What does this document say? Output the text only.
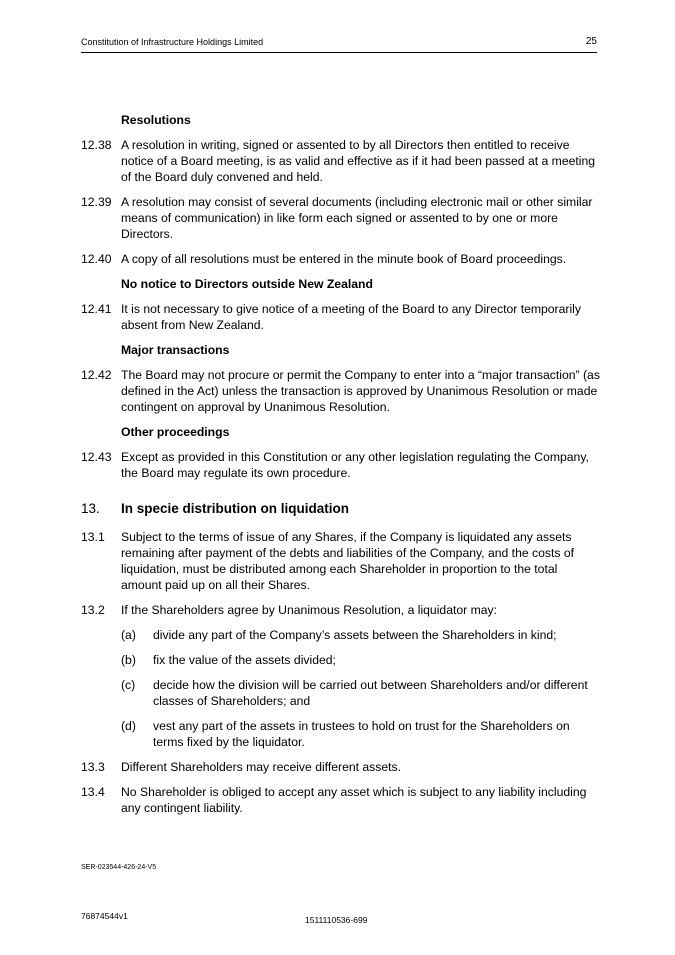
Constitution of Infrastructure Holdings Limited	25
Resolutions
12.38 A resolution in writing, signed or assented to by all Directors then entitled to receive notice of a Board meeting, is as valid and effective as if it had been passed at a meeting of the Board duly convened and held.
12.39 A resolution may consist of several documents (including electronic mail or other similar means of communication) in like form each signed or assented to by one or more Directors.
12.40 A copy of all resolutions must be entered in the minute book of Board proceedings.
No notice to Directors outside New Zealand
12.41 It is not necessary to give notice of a meeting of the Board to any Director temporarily absent from New Zealand.
Major transactions
12.42 The Board may not procure or permit the Company to enter into a “major transaction” (as defined in the Act) unless the transaction is approved by Unanimous Resolution or made contingent on approval by Unanimous Resolution.
Other proceedings
12.43 Except as provided in this Constitution or any other legislation regulating the Company, the Board may regulate its own procedure.
13. In specie distribution on liquidation
13.1 Subject to the terms of issue of any Shares, if the Company is liquidated any assets remaining after payment of the debts and liabilities of the Company, and the costs of liquidation, must be distributed among each Shareholder in proportion to the total amount paid up on all their Shares.
13.2 If the Shareholders agree by Unanimous Resolution, a liquidator may:
(a) divide any part of the Company’s assets between the Shareholders in kind;
(b) fix the value of the assets divided;
(c) decide how the division will be carried out between Shareholders and/or different classes of Shareholders; and
(d) vest any part of the assets in trustees to hold on trust for the Shareholders on terms fixed by the liquidator.
13.3 Different Shareholders may receive different assets.
13.4 No Shareholder is obliged to accept any asset which is subject to any liability including any contingent liability.
SER-023544-426-24-V5
76874544v1	1511110536-699
